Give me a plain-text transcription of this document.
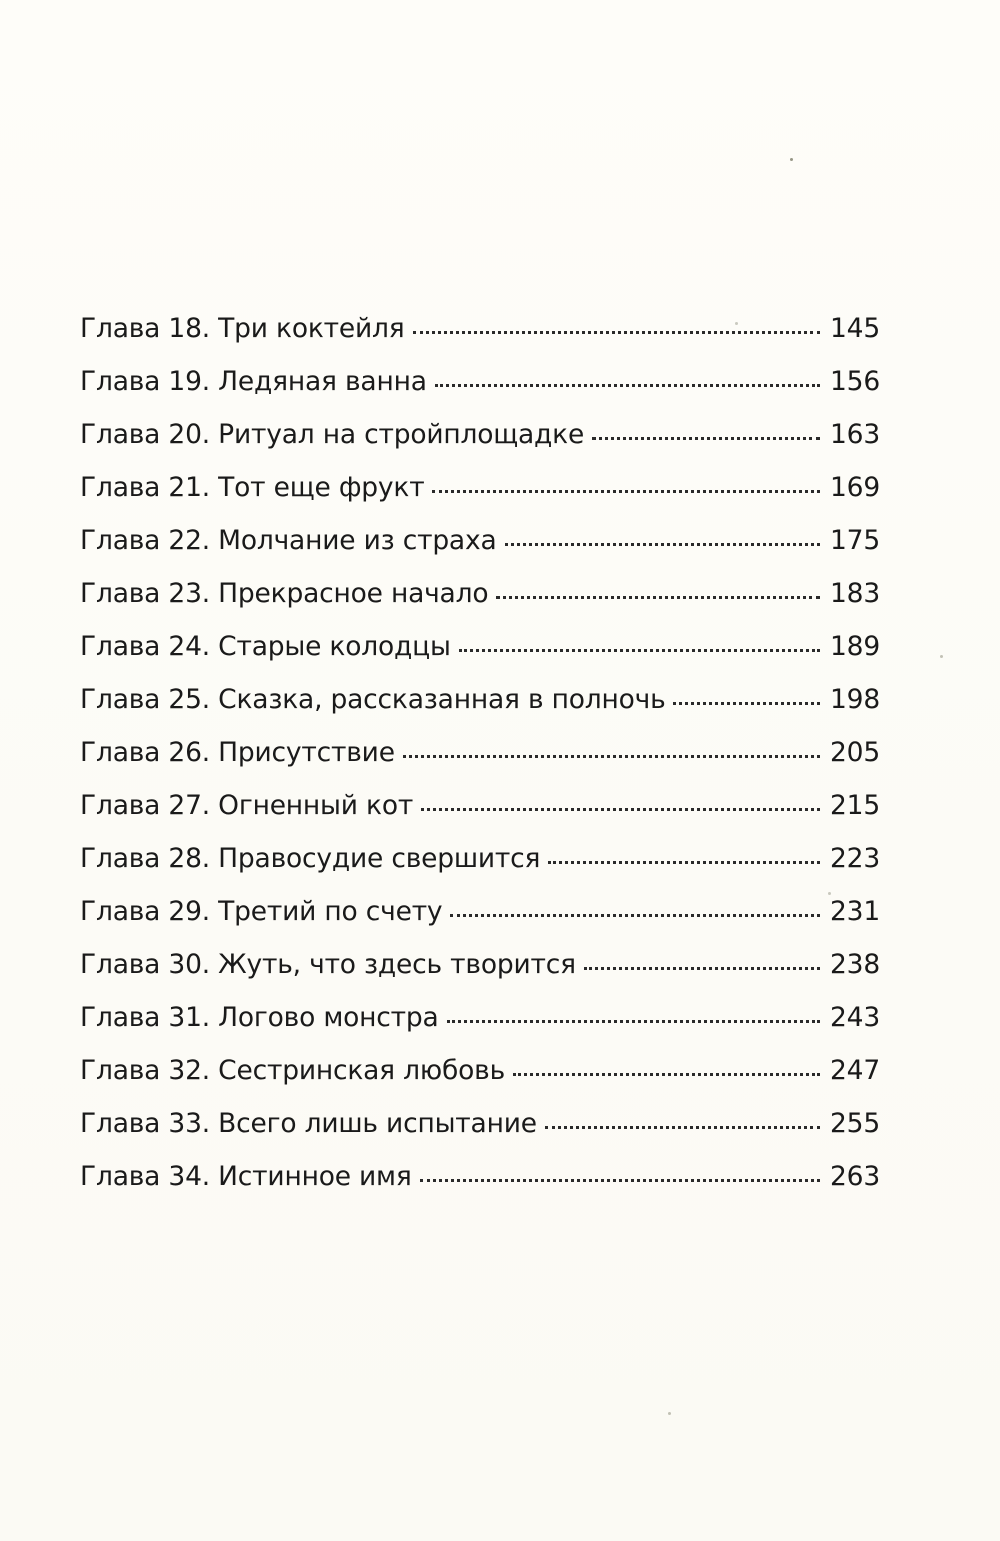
Глава 18. Три коктейля	145
Глава 19. Ледяная ванна	156
Глава 20. Ритуал на стройплощадке	163
Глава 21. Тот еще фрукт	169
Глава 22. Молчание из страха	175
Глава 23. Прекрасное начало	183
Глава 24. Старые колодцы	189
Глава 25. Сказка, рассказанная в полночь	198
Глава 26. Присутствие	205
Глава 27. Огненный кот	215
Глава 28. Правосудие свершится	223
Глава 29. Третий по счету	231
Глава 30. Жуть, что здесь творится	238
Глава 31. Логово монстра	243
Глава 32. Сестринская любовь	247
Глава 33. Всего лишь испытание	255
Глава 34. Истинное имя	263
